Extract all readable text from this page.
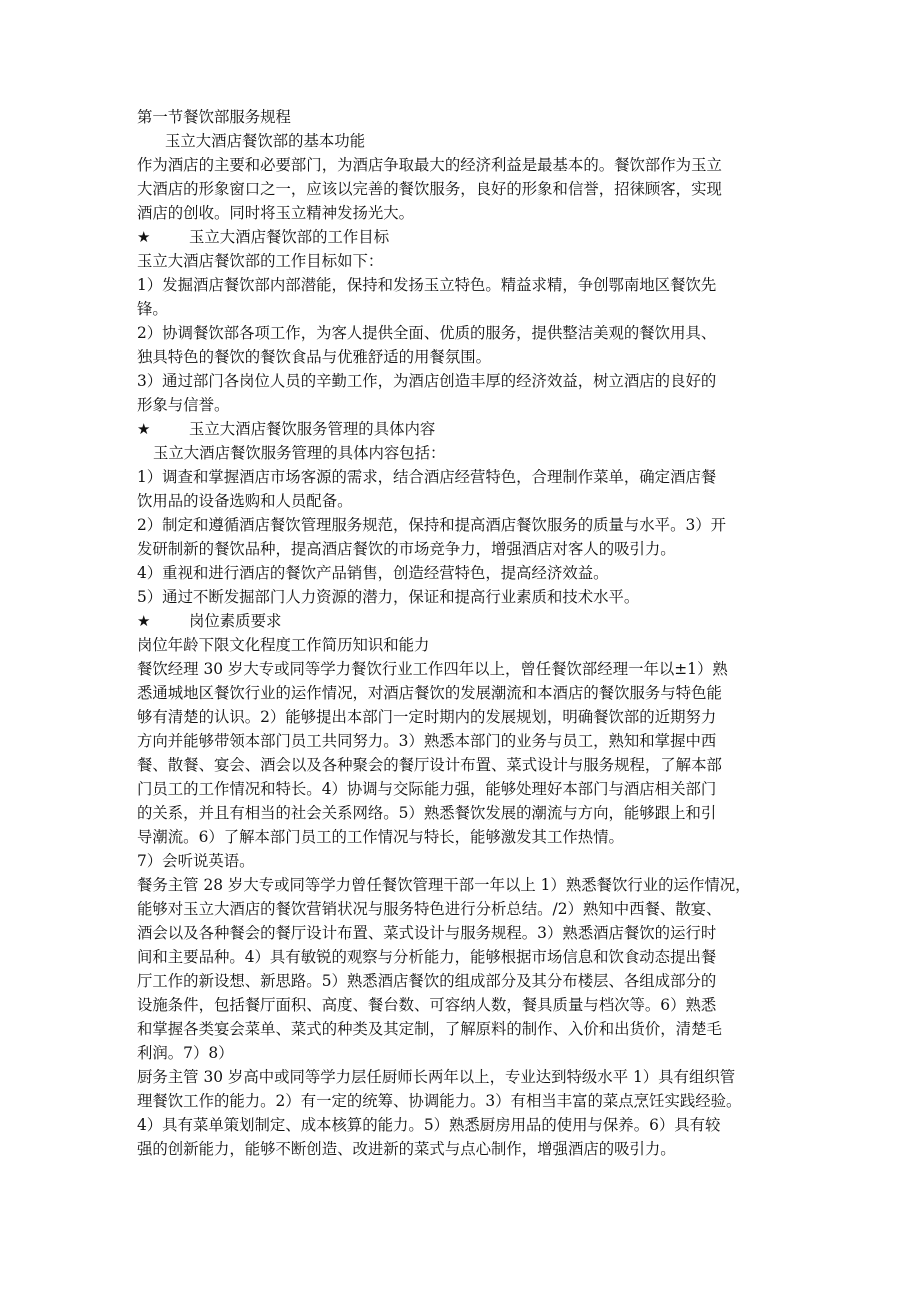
第一节餐饮部服务规程
玉立大酒店餐饮部的基本功能
作为酒店的主要和必要部门，为酒店争取最大的经济利益是最基本的。餐饮部作为玉立
大酒店的形象窗口之一，应该以完善的餐饮服务，良好的形象和信誉，招徕顾客，实现
酒店的创收。同时将玉立精神发扬光大。
★	玉立大酒店餐饮部的工作目标
玉立大酒店餐饮部的工作目标如下：
1）发掘酒店餐饮部内部潜能，保持和发扬玉立特色。精益求精，争创鄂南地区餐饮先
锋。
2）协调餐饮部各项工作，为客人提供全面、优质的服务，提供整洁美观的餐饮用具、
独具特色的餐饮的餐饮食品与优雅舒适的用餐氛围。
3）通过部门各岗位人员的辛勤工作，为酒店创造丰厚的经济效益，树立酒店的良好的
形象与信誉。
★	玉立大酒店餐饮服务管理的具体内容
玉立大酒店餐饮服务管理的具体内容包括：
1）调查和掌握酒店市场客源的需求，结合酒店经营特色，合理制作菜单，确定酒店餐
饮用品的设备选购和人员配备。
2）制定和遵循酒店餐饮管理服务规范，保持和提高酒店餐饮服务的质量与水平。3）开
发研制新的餐饮品种，提高酒店餐饮的市场竞争力，增强酒店对客人的吸引力。
4）重视和进行酒店的餐饮产品销售，创造经营特色，提高经济效益。
5）通过不断发掘部门人力资源的潜力，保证和提高行业素质和技术水平。
★	岗位素质要求
岗位年龄下限文化程度工作简历知识和能力
餐饮经理 30 岁大专或同等学力餐饮行业工作四年以上，曾任餐饮部经理一年以±1）熟
悉通城地区餐饮行业的运作情况，对酒店餐饮的发展潮流和本酒店的餐饮服务与特色能
够有清楚的认识。2）能够提出本部门一定时期内的发展规划，明确餐饮部的近期努力
方向并能够带领本部门员工共同努力。3）熟悉本部门的业务与员工，熟知和掌握中西
餐、散餐、宴会、酒会以及各种聚会的餐厅设计布置、菜式设计与服务规程，了解本部
门员工的工作情况和特长。4）协调与交际能力强，能够处理好本部门与酒店相关部门
的关系，并且有相当的社会关系网络。5）熟悉餐饮发展的潮流与方向，能够跟上和引
导潮流。6）了解本部门员工的工作情况与特长，能够激发其工作热情。
7）会听说英语。
餐务主管 28 岁大专或同等学力曾任餐饮管理干部一年以上 1）熟悉餐饮行业的运作情况，
能够对玉立大酒店的餐饮营销状况与服务特色进行分析总结。/2）熟知中西餐、散宴、
酒会以及各种餐会的餐厅设计布置、菜式设计与服务规程。3）熟悉酒店餐饮的运行时
间和主要品种。4）具有敏锐的观察与分析能力，能够根据市场信息和饮食动态提出餐
厅工作的新设想、新思路。5）熟悉酒店餐饮的组成部分及其分布楼层、各组成部分的
设施条件，包括餐厅面积、高度、餐台数、可容纳人数，餐具质量与档次等。6）熟悉
和掌握各类宴会菜单、菜式的种类及其定制，了解原料的制作、入价和出货价，清楚毛
利润。7）8）
厨务主管 30 岁高中或同等学力层任厨师长两年以上，专业达到特级水平 1）具有组织管
理餐饮工作的能力。2）有一定的统筹、协调能力。3）有相当丰富的菜点烹饪实践经验。
4）具有菜单策划制定、成本核算的能力。5）熟悉厨房用品的使用与保养。6）具有较
强的创新能力，能够不断创造、改进新的菜式与点心制作，增强酒店的吸引力。
